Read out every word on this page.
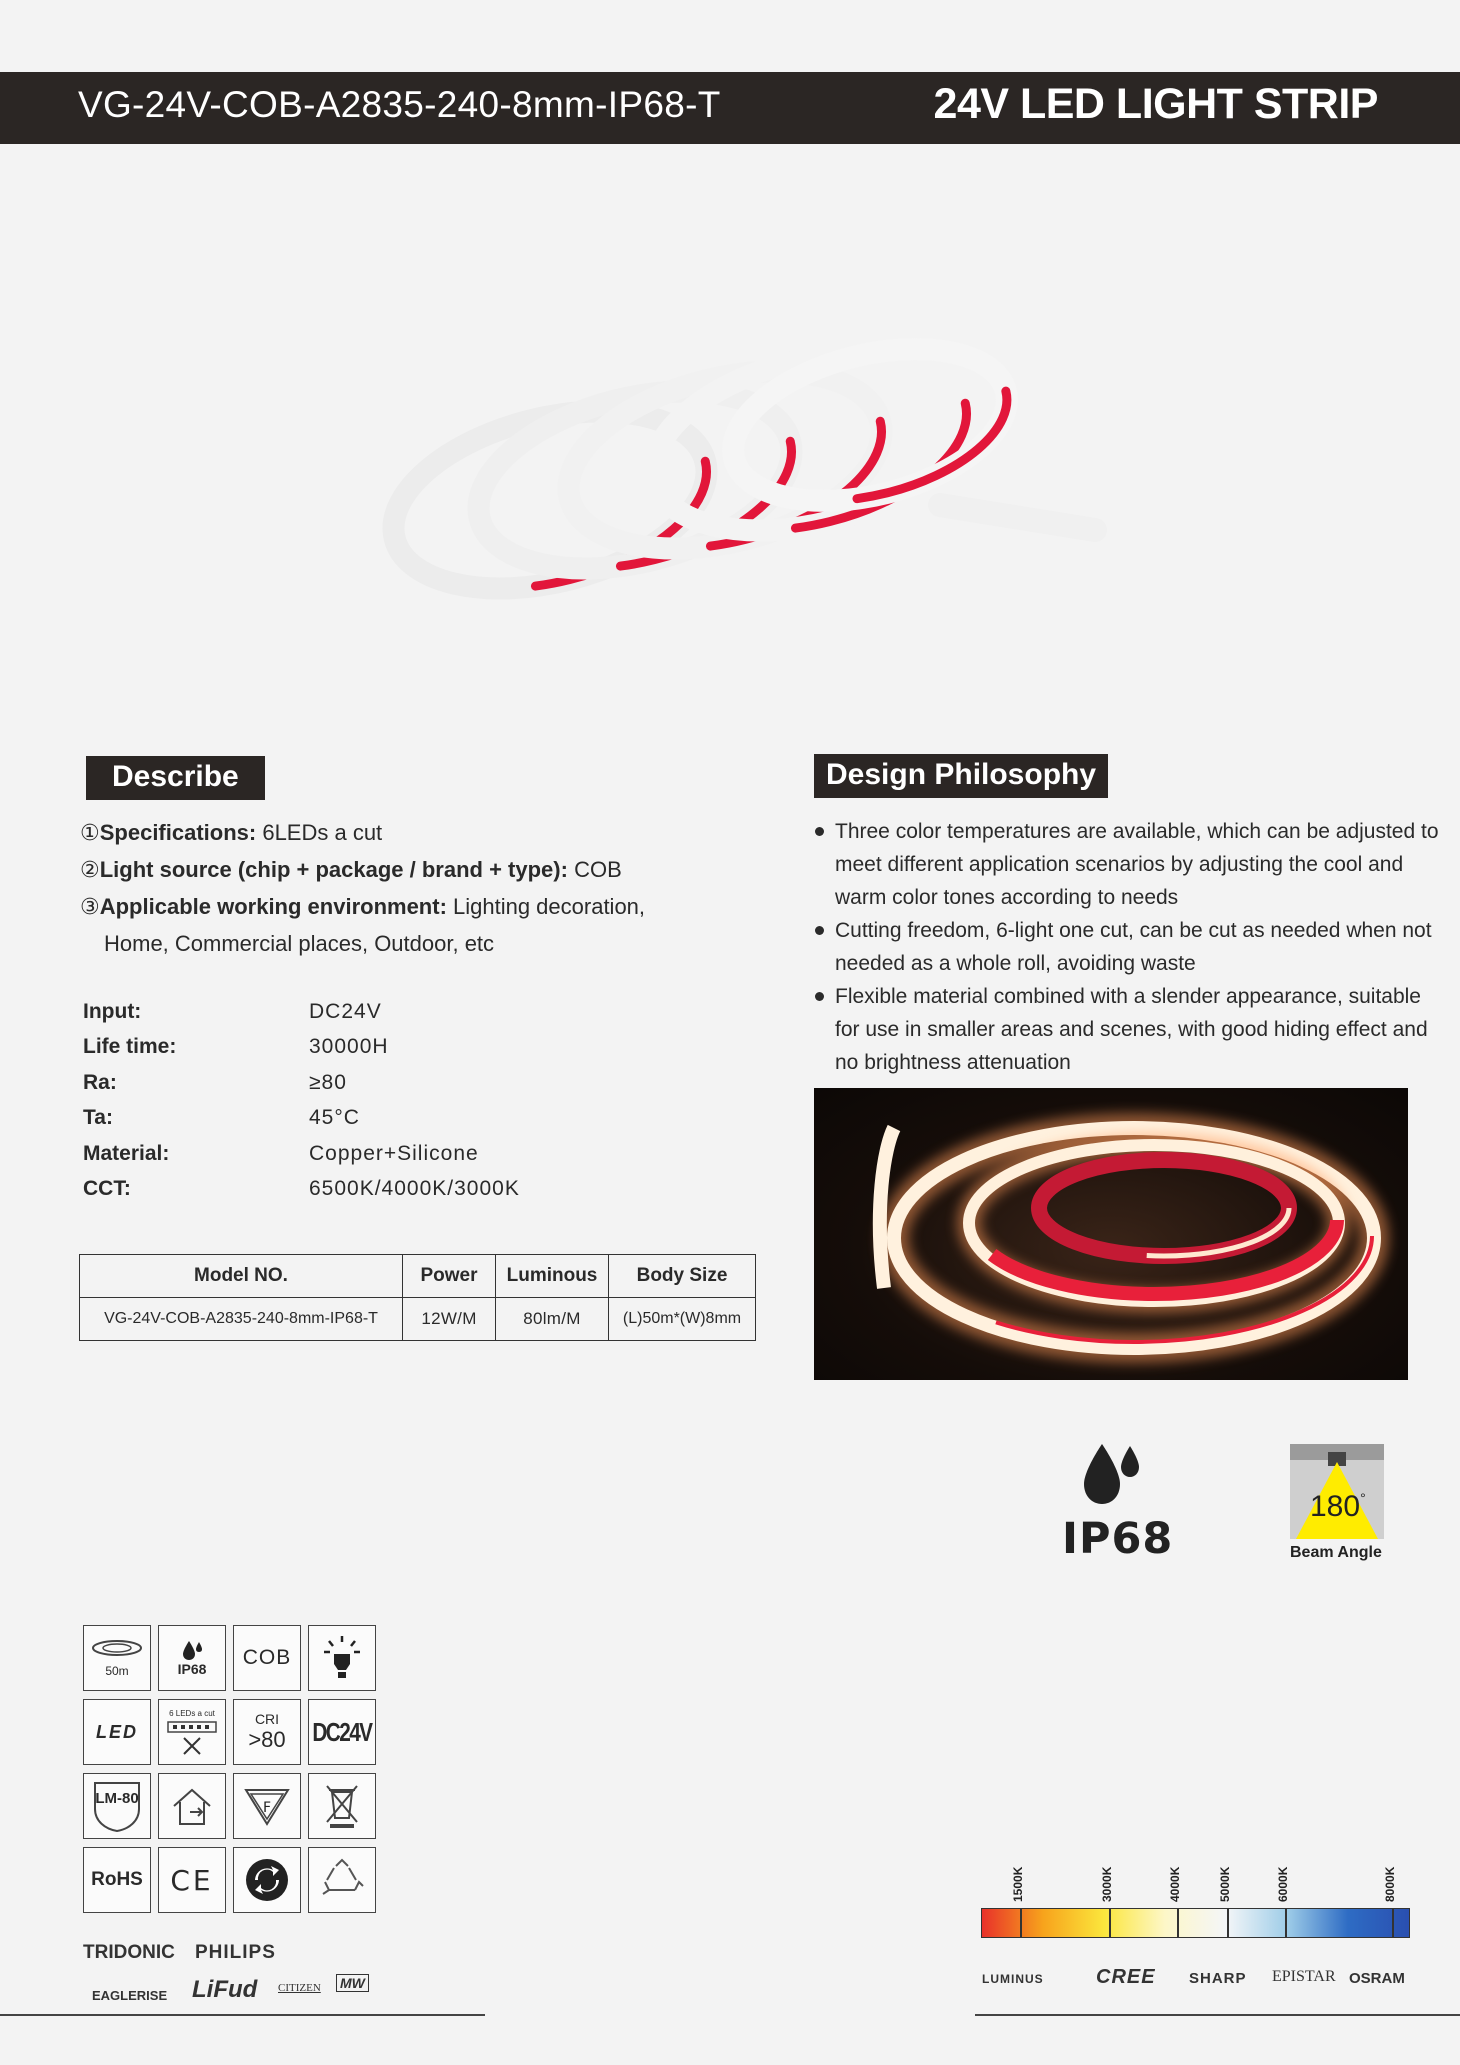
VG-24V-COB-A2835-240-8mm-IP68-T	24V LED LIGHT STRIP
Describe
①Specifications: 6LEDs a cut
②Light source (chip + package / brand + type): COB
③Applicable working environment: Lighting decoration,
Home, Commercial places, Outdoor, etc
Input:	DC24V
Life time:	30000H
Ra:	≥80
Ta:	45°C
Material:	Copper+Silicone
CCT:	6500K/4000K/3000K
Model NO.	Power	Luminous	Body Size
VG-24V-COB-A2835-240-8mm-IP68-T	12W/M	80lm/M	(L)50m*(W)8mm
Design Philosophy
Three color temperatures are available, which can be adjusted to meet different application scenarios by adjusting the cool and warm color tones according to needs
Cutting freedom, 6-light one cut, can be cut as needed when not needed as a whole roll, avoiding waste
Flexible material combined with a slender appearance, suitable for use in smaller areas and scenes, with good hiding effect and no brightness attenuation
IP68
180°
Beam Angle
50m	IP68 COB
LED
6 LEDs a cut	CRI
>80 DC24V
LM-80
F
RoHS CE
TRIDONIC PHILIPS
EAGLERISE LiFud CITIZEN MW
1500K	3000K	4000K	5000K	6000K	8000K
LUMINUS	CREE SHARP EPISTAR OSRAM
